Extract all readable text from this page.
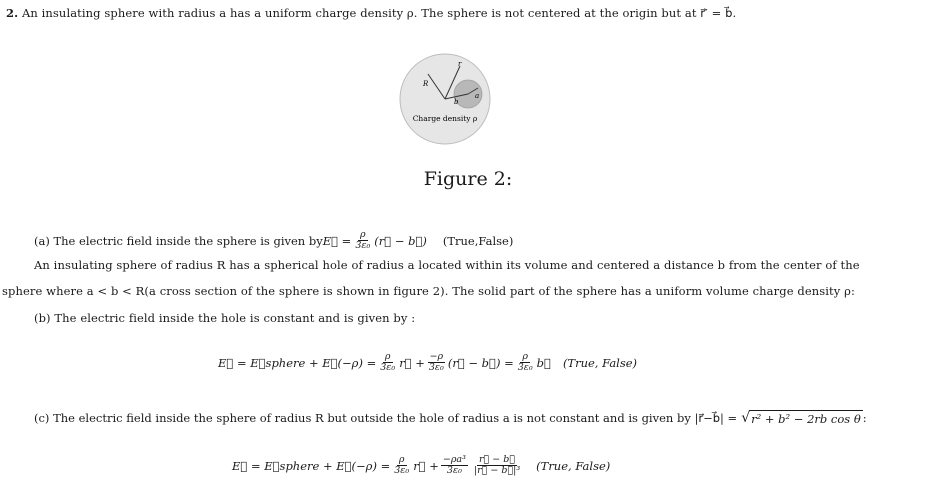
2. An insulating sphere with radius a has a uniform charge density ρ. The sphere is not centered at the origin but at r⃗′ = b⃗.
R
r
b
a
Charge density ρ
Figure 2:
(a) The electric field inside the sphere is given by E⃗ = $\frac{\rho}{\text{3ε₀}}$ (r⃗ − b⃗) (True,False)
An insulating sphere of radius R has a spherical hole of radius a located within its volume and centered a distance b from the center of the
sphere where a < b < R(a cross section of the sphere is shown in figure 2). The solid part of the sphere has a uniform volume charge density ρ:
(b) The electric field inside the hole is constant and is given by :
E⃗ = E⃗sphere + E⃗(−ρ) = $\frac{\rho}{\text{3ε₀}}$ r⃗ + $\frac{-\rho}{\text{3ε₀}}$ (r⃗ − b⃗) = $\frac{\rho}{\text{3ε₀}}$ b⃗ (True, False)
(c) The electric field inside the sphere of radius R but outside the hole of radius a is not constant and is given by |r⃗−b⃗| = √ r² + b² − 2rb cos θ :
E⃗ = E⃗sphere + E⃗(−ρ) = $\frac{\rho}{\text{3ε₀}}$ r⃗ + $\frac{\text{−ρa³}}{\text{3ε₀}} \frac{r⃗ - b⃗}{\text{|r⃗ − b⃗|³}}$ (True, False)
